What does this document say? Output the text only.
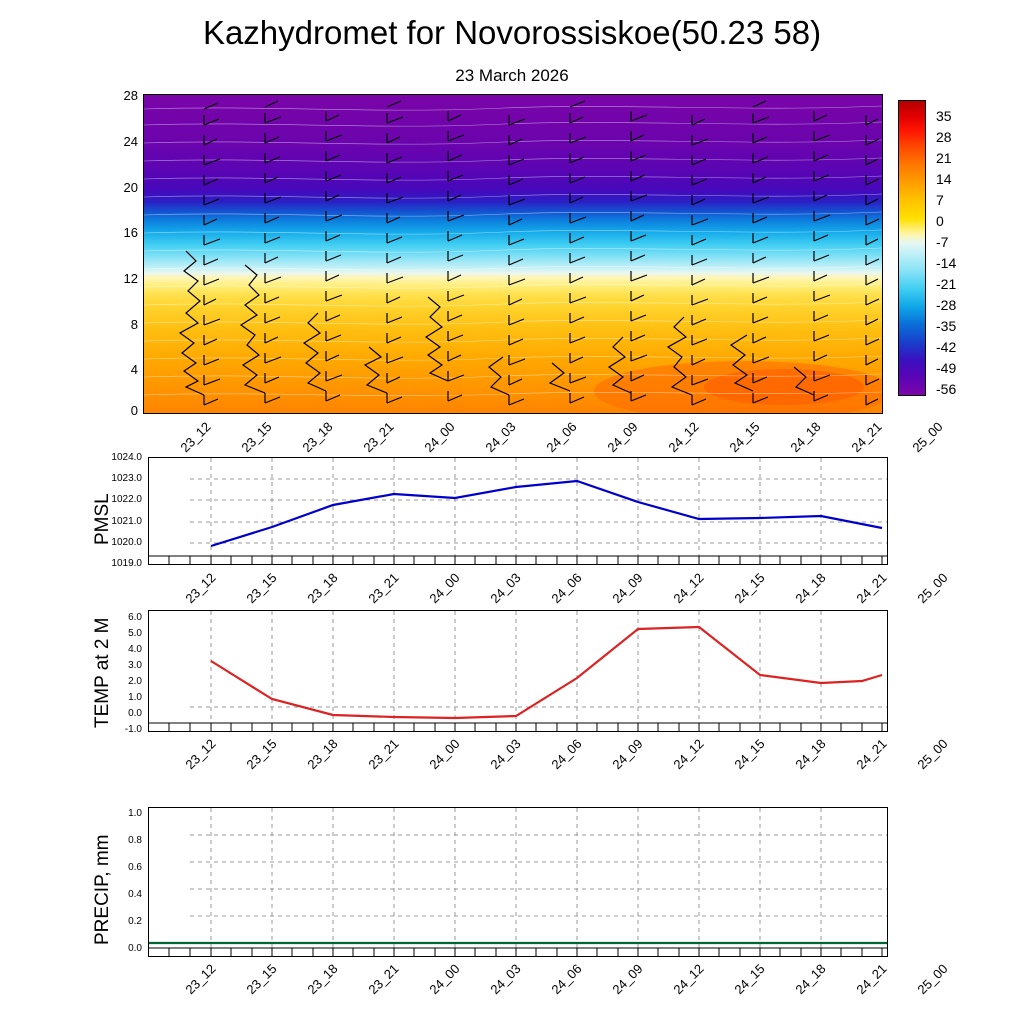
Kazhydromet for Novorossiskoe(50.23 58)
23 March 2026
28
24
20
16
12
8
4
0
23_12	23_15	23_18	23_21	24_00	24_03	24_06	24_09	24_12	24_15	24_18	24_21	25_00
35
28
21
14
7
0
-7
-14
-21
-28
-35
-42
-49
-56
PMSL
1024.0
1023.0
1022.0
1021.0
1020.0
1019.0
23_12	23_15	23_18	23_21	24_00	24_03	24_06	24_09	24_12	24_15	24_18	24_21	25_00
TEMP at 2 M	6.0
5.0
4.0
3.0
2.0
1.0
0.0
-1.0
23_12	23_15	23_18	23_21	24_00	24_03	24_06	24_09	24_12	24_15	24_18	24_21	25_00
PRECIP, mm
1.0
0.8
0.6
0.4
0.2
0.0
23_12	23_15	23_18	23_21	24_00	24_03	24_06	24_09	24_12	24_15	24_18	24_21	25_00
